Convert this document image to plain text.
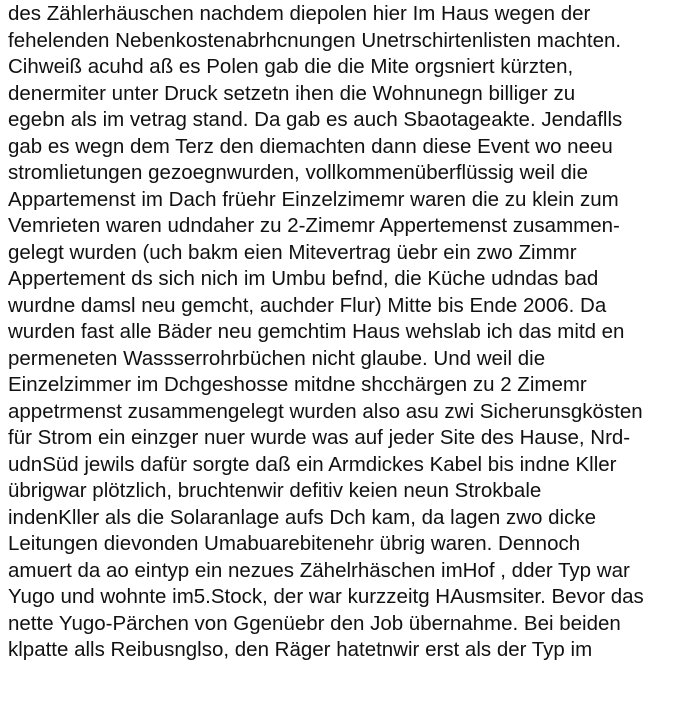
des Zählerhäuschen nachdem diepolen hier Im Haus wegen der
fehelenden Nebenkostenabrhcnungen Unetrschirtenlisten machten.
Cihweiß acuhd aß es Polen gab die die Mite orgsniert kürzten,
denermiter unter Druck setzetn ihen die Wohnunegn billiger zu
egebn als im vetrag stand. Da gab es auch Sbaotageakte. Jendaflls
gab es wegn dem Terz den diemachten dann diese Event wo neeu
stromlietungen gezoegnwurden, vollkommenüberflüssig weil die
Appartemenst im Dach früehr Einzelzimemr waren die zu klein zum
Vemrieten waren udndaher zu 2-Zimemr Appertemenst zusammen-
gelegt wurden (uch bakm eien Mitevertrag üebr ein zwo Zimmr
Appertement ds sich nich im Umbu befnd, die Küche udndas bad
wurdne damsl neu gemcht, auchder Flur) Mitte bis Ende 2006. Da
wurden fast alle Bäder neu gemchtim Haus wehslab ich das mitd en
permeneten Wassserrohrbüchen nicht glaube. Und weil die
Einzelzimmer im Dchgeshosse mitdne shcchärgen zu 2 Zimemr
appetrmenst zusammengelegt wurden also asu zwi Sicherunsgkösten
für Strom ein einzger nuer wurde was auf jeder Site des Hause, Nrd-
udnSüd jewils dafür sorgte daß ein Armdickes Kabel bis indne Kller
übrigwar plötzlich, bruchtenwir defitiv keien neun Strokbale
indenKller als die Solaranlage aufs Dch kam, da lagen zwo dicke
Leitungen dievonden Umabuarebitenehr übrig waren. Dennoch
amuert da ao eintyp ein nezues Zähelrhäschen imHof , dder Typ war
Yugo und wohnte im5.Stock, der war kurzzeitg HAusmsiter. Bevor das
nette Yugo-Pärchen von Ggenüebr den Job übernahme. Bei beiden
klpatte alls Reibusnglso, den Räger hatetnwir erst als der Typ im
